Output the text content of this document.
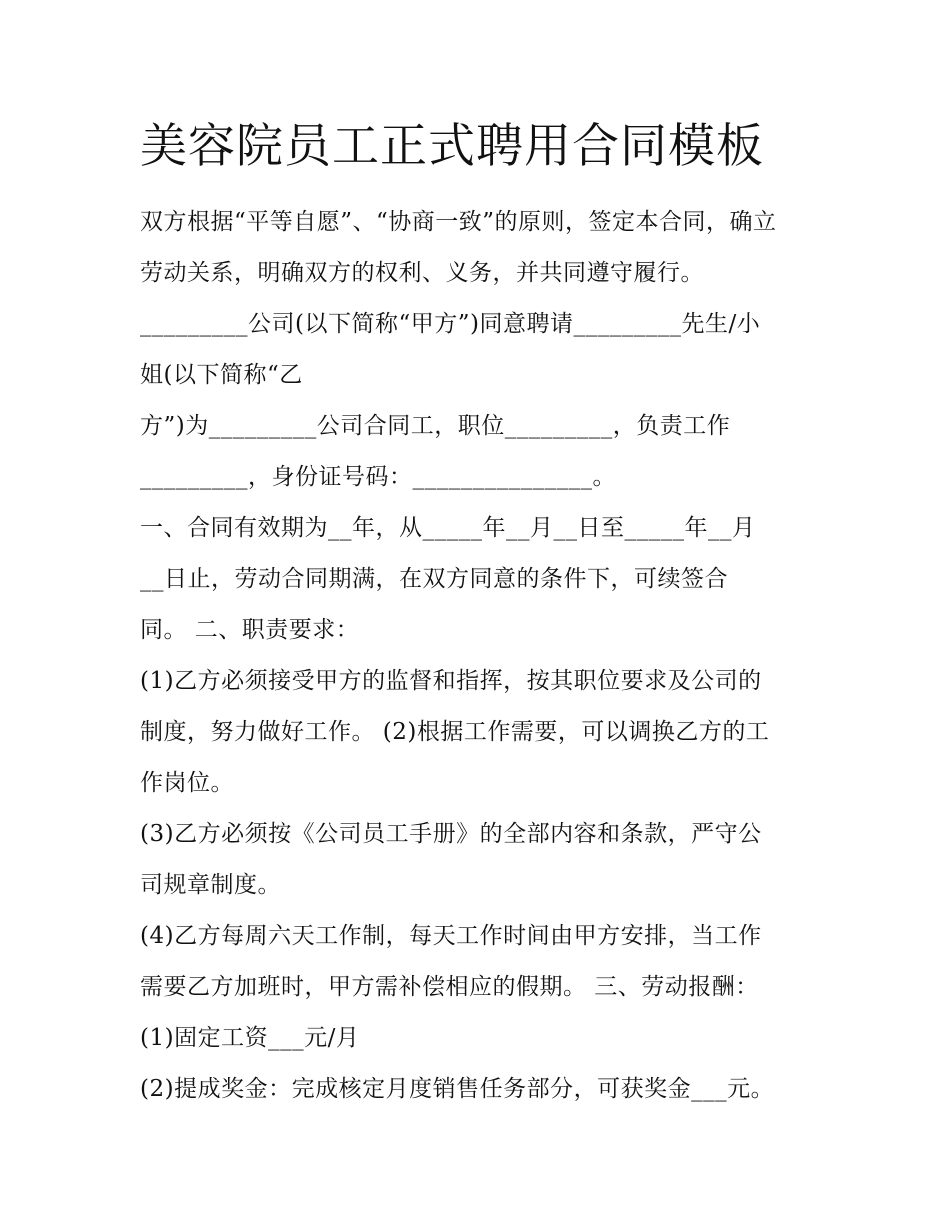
美容院员工正式聘用合同模板
双方根据“平等自愿”、“协商一致”的原则，签定本合同，确立
劳动关系，明确双方的权利、义务，并共同遵守履行。
_________公司(以下简称“甲方”)同意聘请_________先生/小
姐(以下简称“乙
方”)为_________公司合同工，职位_________，负责工作
_________，身份证号码：_______________。
一、合同有效期为__年，从_____年__月__日至_____年__月
__日止，劳动合同期满，在双方同意的条件下，可续签合
同。 二、职责要求：
(1)乙方必须接受甲方的监督和指挥，按其职位要求及公司的
制度，努力做好工作。 (2)根据工作需要，可以调换乙方的工
作岗位。
(3)乙方必须按《公司员工手册》的全部内容和条款，严守公
司规章制度。
(4)乙方每周六天工作制，每天工作时间由甲方安排，当工作
需要乙方加班时，甲方需补偿相应的假期。 三、劳动报酬：
(1)固定工资___元/月
(2)提成奖金：完成核定月度销售任务部分，可获奖金___元。
